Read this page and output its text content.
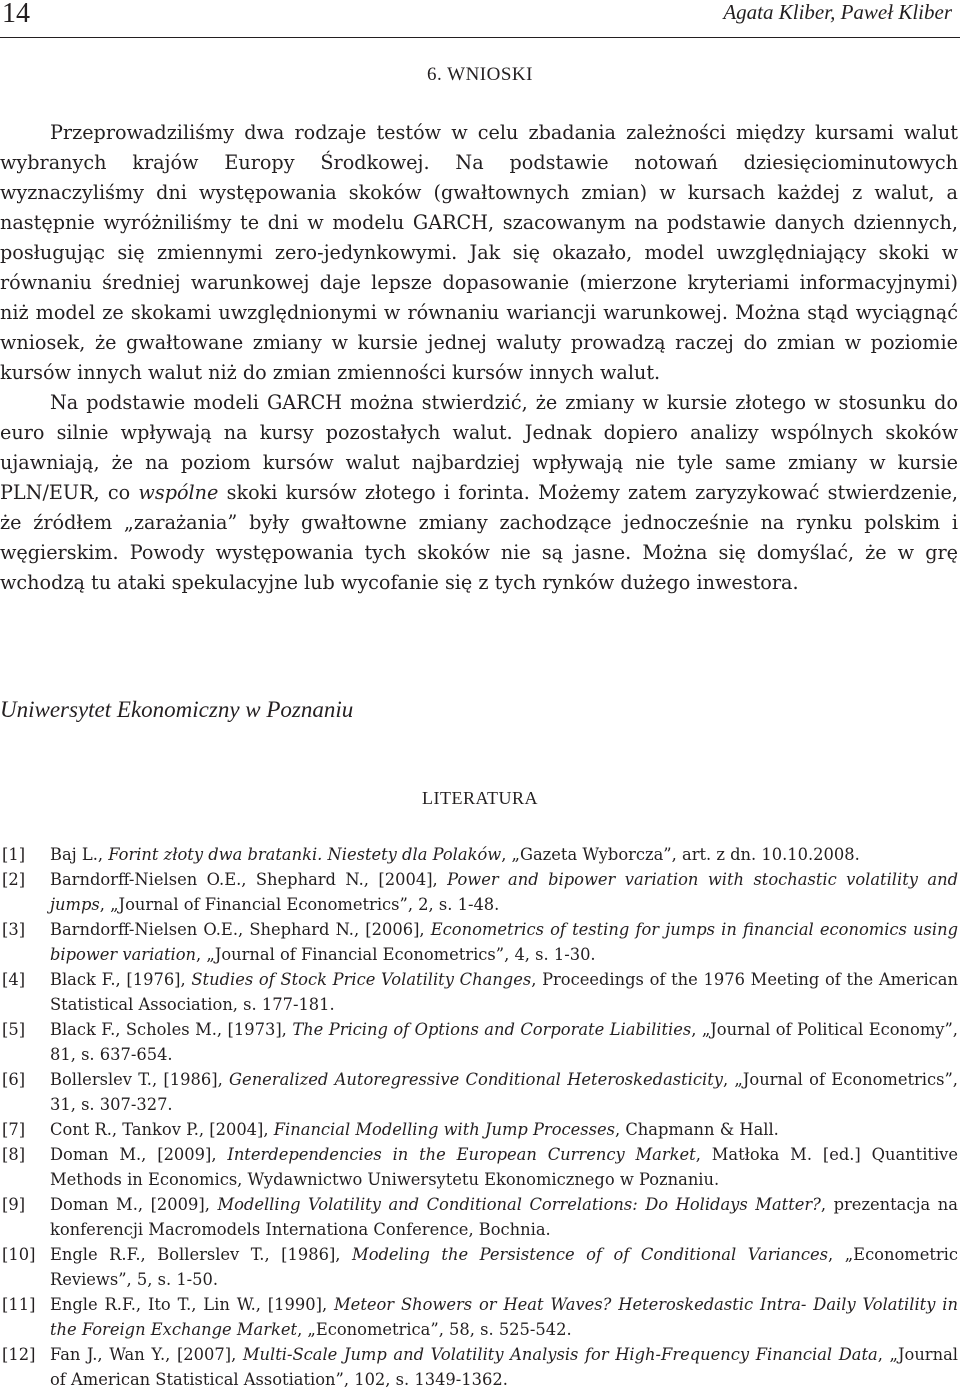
14	Agata Kliber, Paweł Kliber
6. WNIOSKI

Przeprowadziliśmy dwa rodzaje testów w celu zbadania zależności między kursami walut wybranych krajów Europy Środkowej. Na podstawie notowań dziesięciominutowych wyznaczyliśmy dni występowania skoków (gwałtownych zmian) w kursach każdej z walut, a następnie wyróżniliśmy te dni w modelu GARCH, szacowanym na podstawie danych dziennych, posługując się zmiennymi zero-jedynkowymi. Jak się okazało, model uwzględniający skoki w równaniu średniej warunkowej daje lepsze dopasowanie (mierzone kryteriami informacyjnymi) niż model ze skokami uwzględnionymi w równaniu wariancji warunkowej. Można stąd wyciągnąć wniosek, że gwałtowane zmiany w kursie jednej waluty prowadzą raczej do zmian w poziomie kursów innych walut niż do zmian zmienności kursów innych walut.

Na podstawie modeli GARCH można stwierdzić, że zmiany w kursie złotego w stosunku do euro silnie wpływają na kursy pozostałych walut. Jednak dopiero analizy wspólnych skoków ujawniają, że na poziom kursów walut najbardziej wpływają nie tyle same zmiany w kursie PLN/EUR, co wspólne skoki kursów złotego i forinta. Możemy zatem zaryzykować stwierdzenie, że źródłem „zarażania” były gwałtowne zmiany zachodzące jednocześnie na rynku polskim i węgierskim. Powody występowania tych skoków nie są jasne. Można się domyślać, że w grę wchodzą tu ataki spekulacyjne lub wycofanie się z tych rynków dużego inwestora.

Uniwersytet Ekonomiczny w Poznaniu
LITERATURA
[1] Baj L., Forint złoty dwa bratanki. Niestety dla Polaków, „Gazeta Wyborcza”, art. z dn. 10.10.2008.
[2] Barndorff-Nielsen O.E., Shephard N., [2004], Power and bipower variation with stochastic volatility and jumps, „Journal of Financial Econometrics”, 2, s. 1-48.
[3] Barndorff-Nielsen O.E., Shephard N., [2006], Econometrics of testing for jumps in financial economics using bipower variation, „Journal of Financial Econometrics”, 4, s. 1-30.
[4] Black F., [1976], Studies of Stock Price Volatility Changes, Proceedings of the 1976 Meeting of the American Statistical Association, s. 177-181.
[5] Black F., Scholes M., [1973], The Pricing of Options and Corporate Liabilities, „Journal of Political Economy”, 81, s. 637-654.
[6] Bollerslev T., [1986], Generalized Autoregressive Conditional Heteroskedasticity, „Journal of Econometrics”, 31, s. 307-327.
[7] Cont R., Tankov P., [2004], Financial Modelling with Jump Processes, Chapmann & Hall.
[8] Doman M., [2009], Interdependencies in the European Currency Market, Matłoka M. [ed.] Quantitive Methods in Economics, Wydawnictwo Uniwersytetu Ekonomicznego w Poznaniu.
[9] Doman M., [2009], Modelling Volatility and Conditional Correlations: Do Holidays Matter?, prezentacja na konferencji Macromodels Internationa Conference, Bochnia.
[10] Engle R.F., Bollerslev T., [1986], Modeling the Persistence of of Conditional Variances, „Econometric Reviews”, 5, s. 1-50.
[11] Engle R.F., Ito T., Lin W., [1990], Meteor Showers or Heat Waves? Heteroskedastic Intra- Daily Volatility in the Foreign Exchange Market, „Econometrica”, 58, s. 525-542.
[12] Fan J., Wan Y., [2007], Multi-Scale Jump and Volatility Analysis for High-Frequency Financial Data, „Journal of American Statistical Assotiation”, 102, s. 1349-1362.
